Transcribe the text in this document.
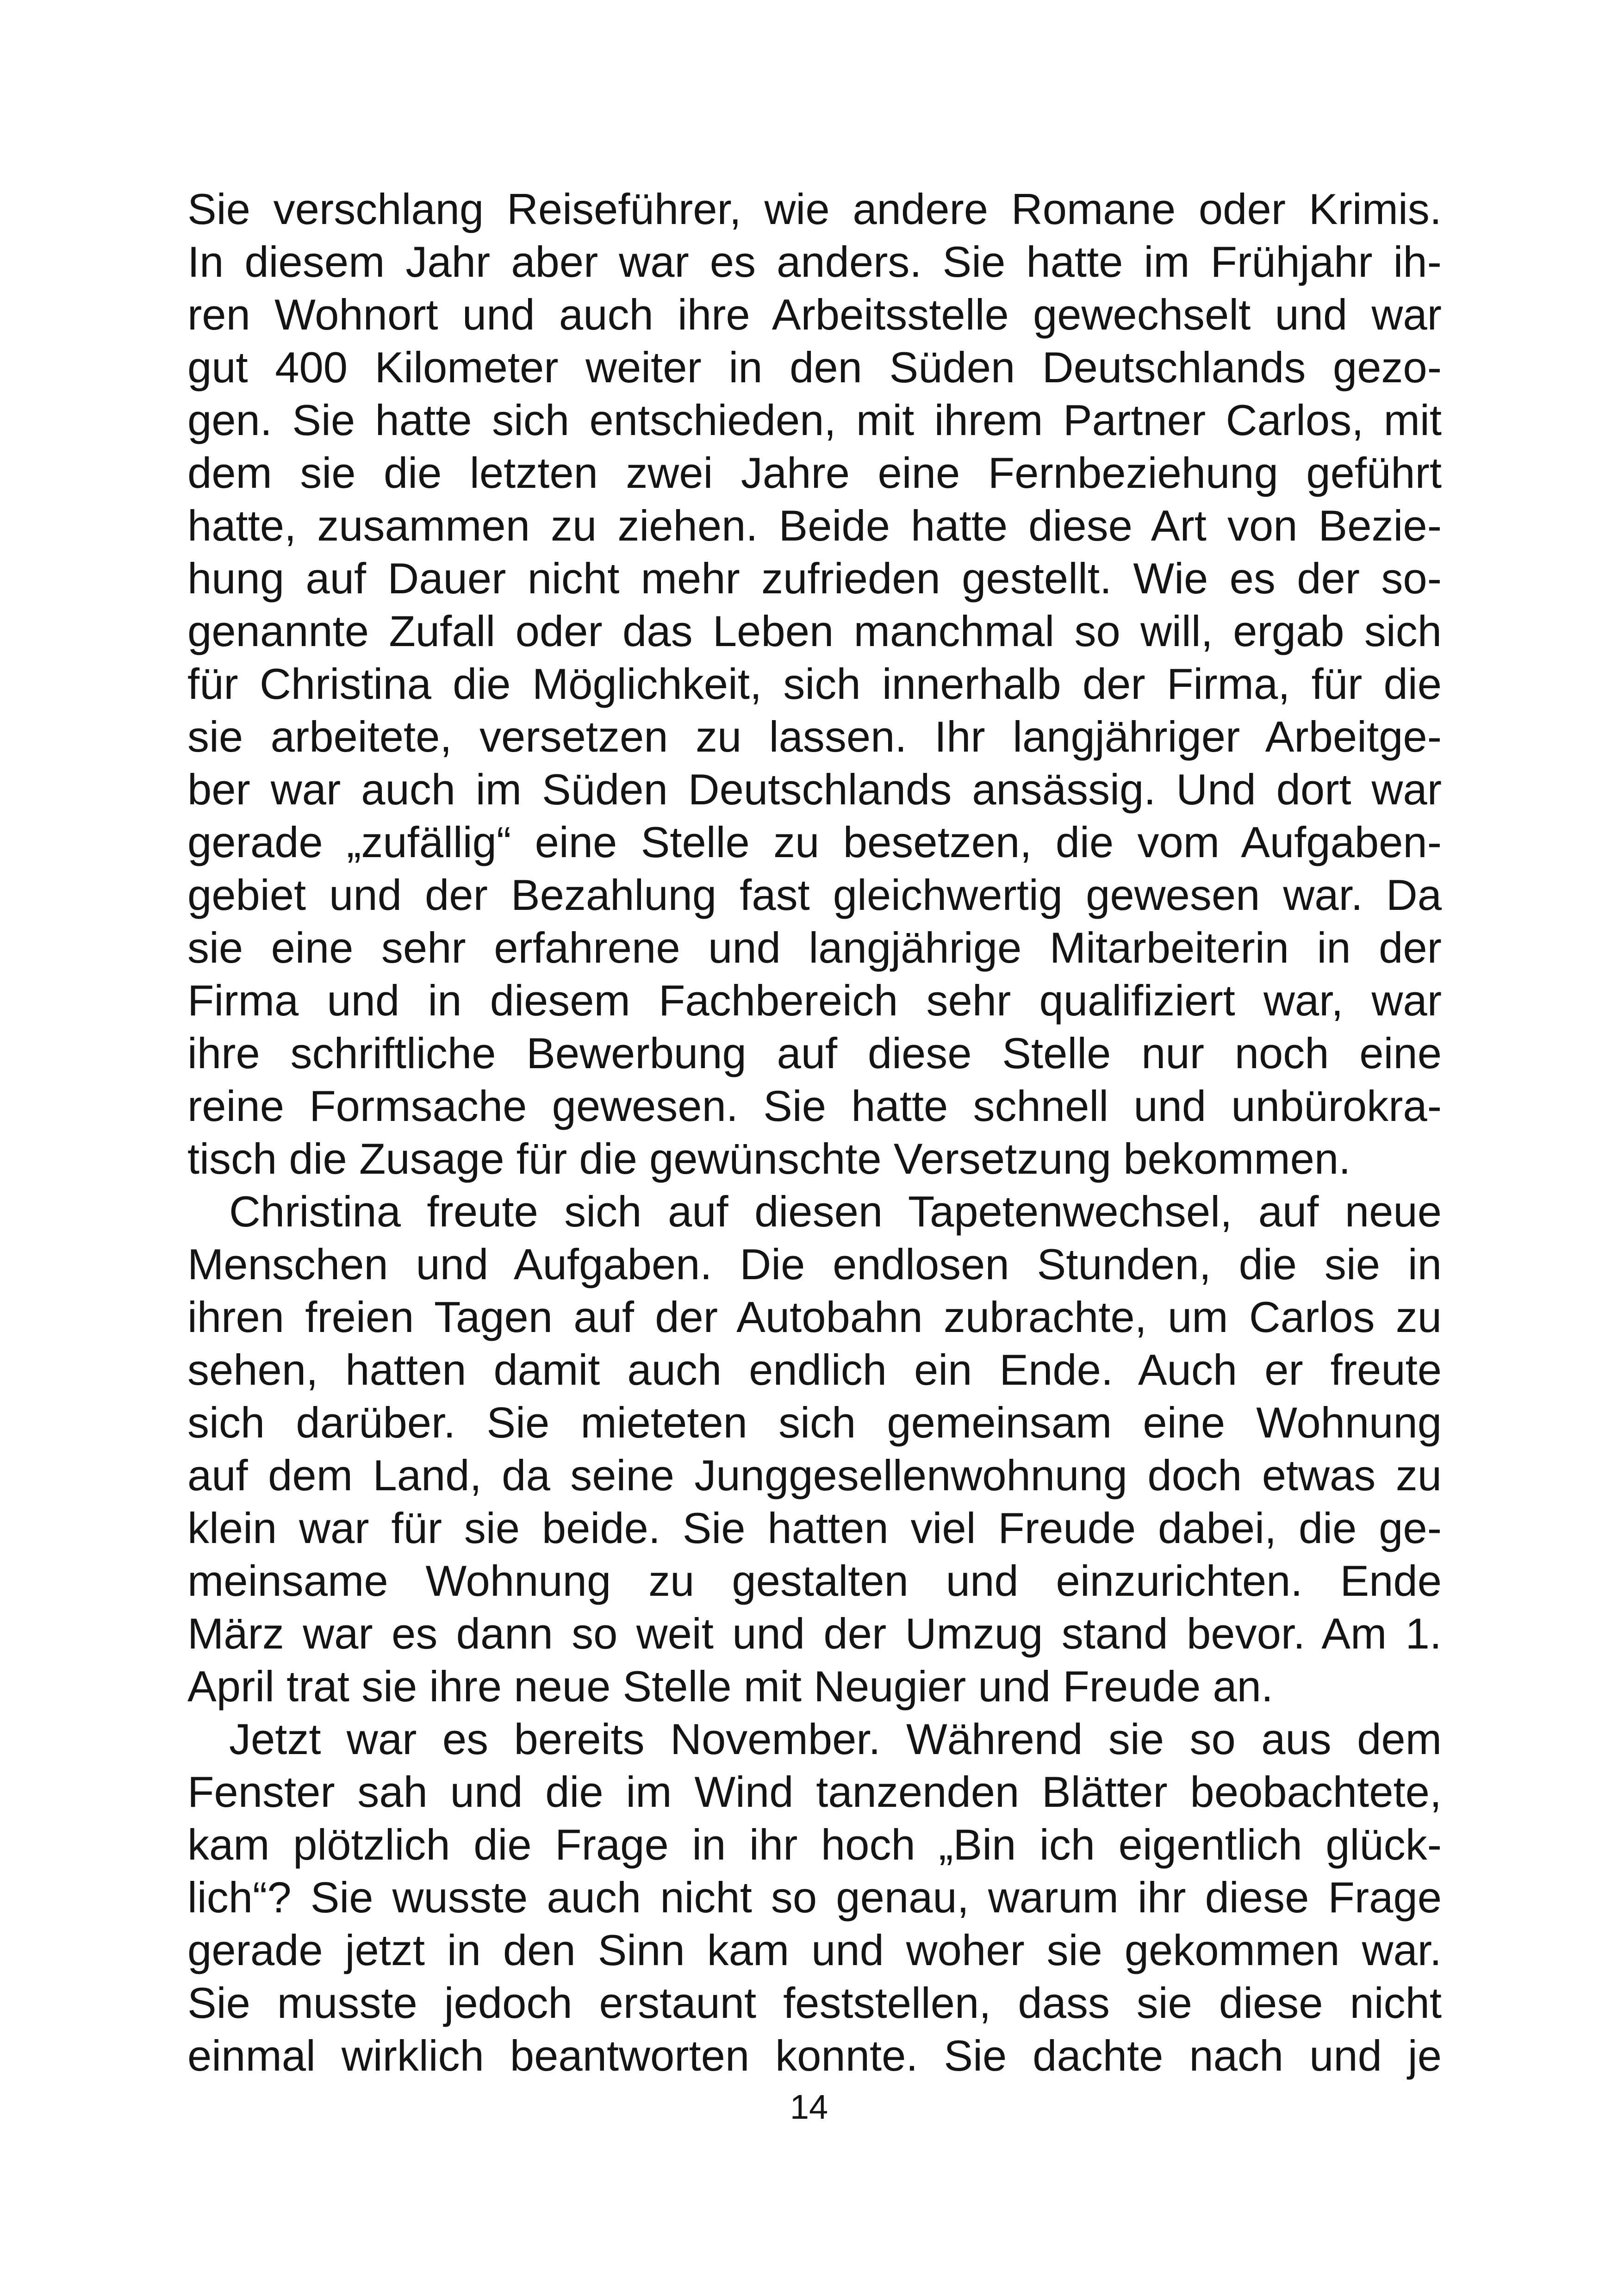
Sie verschlang Reiseführer, wie andere Romane oder Krimis.
In diesem Jahr aber war es anders. Sie hatte im Frühjahr ih-
ren Wohnort und auch ihre Arbeitsstelle gewechselt und war
gut 400 Kilometer weiter in den Süden Deutschlands gezo-
gen. Sie hatte sich entschieden, mit ihrem Partner Carlos, mit
dem sie die letzten zwei Jahre eine Fernbeziehung geführt
hatte, zusammen zu ziehen. Beide hatte diese Art von Bezie-
hung auf Dauer nicht mehr zufrieden gestellt. Wie es der so-
genannte Zufall oder das Leben manchmal so will, ergab sich
für Christina die Möglichkeit, sich innerhalb der Firma, für die
sie arbeitete, versetzen zu lassen. Ihr langjähriger Arbeitge-
ber war auch im Süden Deutschlands ansässig. Und dort war
gerade „zufällig“ eine Stelle zu besetzen, die vom Aufgaben-
gebiet und der Bezahlung fast gleichwertig gewesen war. Da
sie eine sehr erfahrene und langjährige Mitarbeiterin in der
Firma und in diesem Fachbereich sehr qualifiziert war, war
ihre schriftliche Bewerbung auf diese Stelle nur noch eine
reine Formsache gewesen. Sie hatte schnell und unbürokra-
tisch die Zusage für die gewünschte Versetzung bekommen.
Christina freute sich auf diesen Tapetenwechsel, auf neue
Menschen und Aufgaben. Die endlosen Stunden, die sie in
ihren freien Tagen auf der Autobahn zubrachte, um Carlos zu
sehen, hatten damit auch endlich ein Ende. Auch er freute
sich darüber. Sie mieteten sich gemeinsam eine Wohnung
auf dem Land, da seine Junggesellenwohnung doch etwas zu
klein war für sie beide. Sie hatten viel Freude dabei, die ge-
meinsame Wohnung zu gestalten und einzurichten. Ende
März war es dann so weit und der Umzug stand bevor. Am 1.
April trat sie ihre neue Stelle mit Neugier und Freude an.
Jetzt war es bereits November. Während sie so aus dem
Fenster sah und die im Wind tanzenden Blätter beobachtete,
kam plötzlich die Frage in ihr hoch „Bin ich eigentlich glück-
lich“? Sie wusste auch nicht so genau, warum ihr diese Frage
gerade jetzt in den Sinn kam und woher sie gekommen war.
Sie musste jedoch erstaunt feststellen, dass sie diese nicht
einmal wirklich beantworten konnte. Sie dachte nach und je
14
